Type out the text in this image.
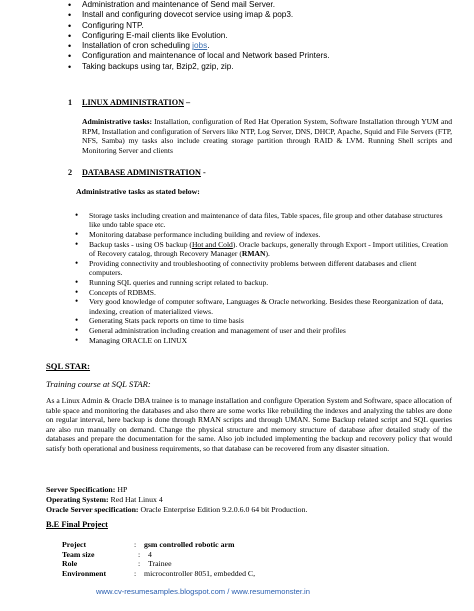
• Administration and maintenance of Send mail Server.
• Install and configuring dovecot service using imap & pop3.
• Configuring NTP.
• Configuring E-mail clients like Evolution.
• Installation of cron scheduling jobs.
• Configuration and maintenance of local and Network based Printers.
• Taking backups using tar, Bzip2, gzip, zip.
1 LINUX ADMINISTRATION –
Administrative tasks: Installation, configuration of Red Hat Operation System, Software Installation through YUM and RPM, Installation and configuration of Servers like NTP, Log Server, DNS, DHCP, Apache, Squid and File Servers (FTP, NFS, Samba) my tasks also include creating storage partition through RAID & LVM. Running Shell scripts and Monitoring Server and clients
2 DATABASE ADMINISTRATION -
Administrative tasks as stated below:
• Storage tasks including creation and maintenance of data files, Table spaces, file group and other database structures like undo table space etc.
• Monitoring database performance including building and review of indexes.
• Backup tasks - using OS backup (Hot and Cold). Oracle backups, generally through Export - Import utilities, Creation of Recovery catalog, through Recovery Manager (RMAN).
• Providing connectivity and troubleshooting of connectivity problems between different databases and client computers.
• Running SQL queries and running script related to backup.
• Concepts of RDBMS.
• Very good knowledge of computer software, Languages & Oracle networking. Besides these Reorganization of data, indexing, creation of materialized views.
• Generating Stats pack reports on time to time basis
• General administration including creation and management of user and their profiles
• Managing ORACLE on LINUX
SQL STAR:
Training course at SQL STAR:
As a Linux Admin & Oracle DBA trainee is to manage installation and configure Operation System and Software, space allocation of table space and monitoring the databases and also there are some works like rebuilding the indexes and analyzing the tables are done on regular interval, here backup is done through RMAN scripts and through UMAN. Some Backup related script and SQL queries are also run manually on demand. Change the physical structure and memory structure of database after detailed study of the databases and prepare the documentation for the same. Also job included implementing the backup and recovery policy that would satisfy both operational and business requirements, so that database can be recovered from any disaster situation.
Server Specification: HP
Operating System: Red Hat Linux 4
Oracle Server specification: Oracle Enterprise Edition 9.2.0.6.0 64 bit Production.
B.E Final Project
Project	: gsm controlled robotic arm
Team size	: 4
Role	: Trainee
Environment	: microcontroller 8051, embedded C,
www.cv-resumesamples.blogspot.com / www.resumemonster.in
